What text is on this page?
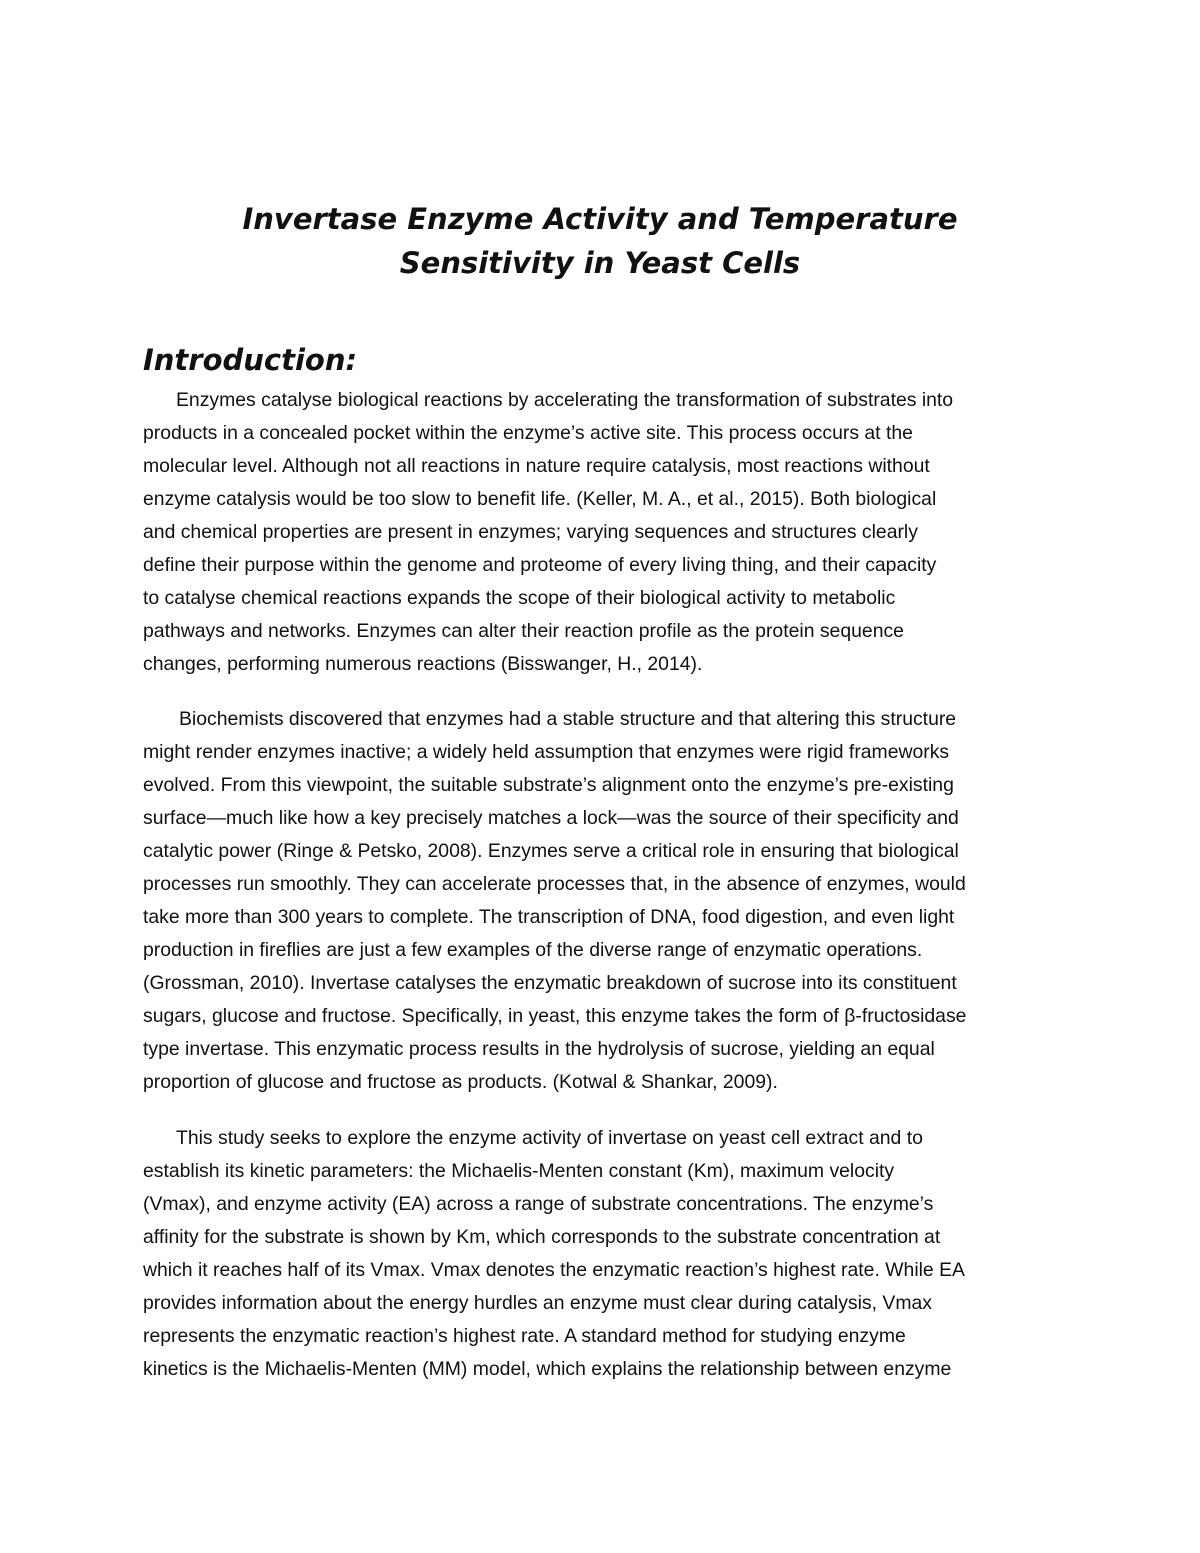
Invertase Enzyme Activity and Temperature
Sensitivity in Yeast Cells
Introduction:
Enzymes catalyse biological reactions by accelerating the transformation of substrates into
products in a concealed pocket within the enzyme’s active site. This process occurs at the
molecular level. Although not all reactions in nature require catalysis, most reactions without
enzyme catalysis would be too slow to benefit life. (Keller, M. A., et al., 2015). Both biological
and chemical properties are present in enzymes; varying sequences and structures clearly
define their purpose within the genome and proteome of every living thing, and their capacity
to catalyse chemical reactions expands the scope of their biological activity to metabolic
pathways and networks. Enzymes can alter their reaction profile as the protein sequence
changes, performing numerous reactions (Bisswanger, H., 2014).
Biochemists discovered that enzymes had a stable structure and that altering this structure
might render enzymes inactive; a widely held assumption that enzymes were rigid frameworks
evolved. From this viewpoint, the suitable substrate’s alignment onto the enzyme’s pre-existing
surface—much like how a key precisely matches a lock—was the source of their specificity and
catalytic power (Ringe & Petsko, 2008). Enzymes serve a critical role in ensuring that biological
processes run smoothly. They can accelerate processes that, in the absence of enzymes, would
take more than 300 years to complete. The transcription of DNA, food digestion, and even light
production in fireflies are just a few examples of the diverse range of enzymatic operations.
(Grossman, 2010). Invertase catalyses the enzymatic breakdown of sucrose into its constituent
sugars, glucose and fructose. Specifically, in yeast, this enzyme takes the form of β-fructosidase
type invertase. This enzymatic process results in the hydrolysis of sucrose, yielding an equal
proportion of glucose and fructose as products. (Kotwal & Shankar, 2009).
This study seeks to explore the enzyme activity of invertase on yeast cell extract and to
establish its kinetic parameters: the Michaelis-Menten constant (Km), maximum velocity
(Vmax), and enzyme activity (EA) across a range of substrate concentrations. The enzyme’s
affinity for the substrate is shown by Km, which corresponds to the substrate concentration at
which it reaches half of its Vmax. Vmax denotes the enzymatic reaction’s highest rate. While EA
provides information about the energy hurdles an enzyme must clear during catalysis, Vmax
represents the enzymatic reaction’s highest rate. A standard method for studying enzyme
kinetics is the Michaelis-Menten (MM) model, which explains the relationship between enzyme
